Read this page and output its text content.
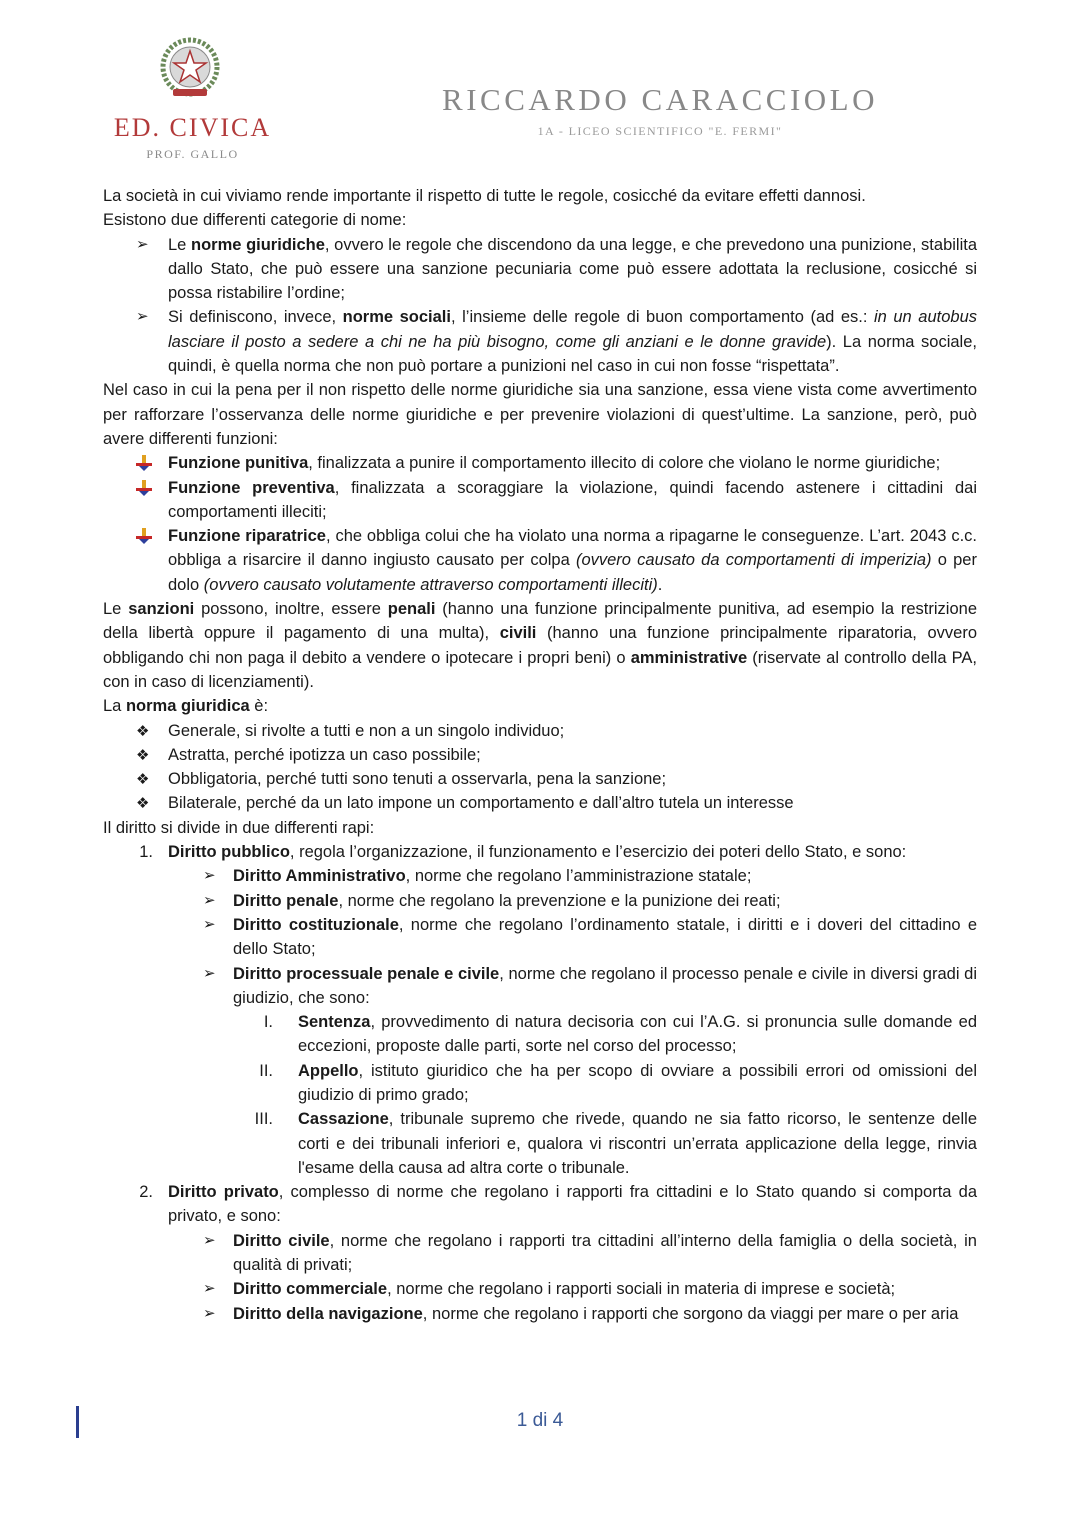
ED. CIVICA
PROF. GALLO
RICCARDO CARACCIOLO
1A - LICEO SCIENTIFICO "E. FERMI"

La società in cui viviamo rende importante il rispetto di tutte le regole, cosicché da evitare effetti dannosi.

Esistono due differenti categorie di nome:

➢ Le norme giuridiche, ovvero le regole che discendono da una legge, e che prevedono una punizione, stabilita dallo Stato, che può essere una sanzione pecuniaria come può essere adottata la reclusione, cosicché si possa ristabilire l’ordine;
➢ Si definiscono, invece, norme sociali, l’insieme delle regole di buon comportamento (ad es.: in un autobus lasciare il posto a sedere a chi ne ha più bisogno, come gli anziani e le donne gravide). La norma sociale, quindi, è quella norma che non può portare a punizioni nel caso in cui non fosse “rispettata”.

Nel caso in cui la pena per il non rispetto delle norme giuridiche sia una sanzione, essa viene vista come avvertimento per rafforzare l’osservanza delle norme giuridiche e per prevenire violazioni di quest’ultime. La sanzione, però, può avere differenti funzioni:

Funzione punitiva, finalizzata a punire il comportamento illecito di colore che violano le norme giuridiche;
Funzione preventiva, finalizzata a scoraggiare la violazione, quindi facendo astenere i cittadini dai comportamenti illeciti;
Funzione riparatrice, che obbliga colui che ha violato una norma a ripagarne le conseguenze. L’art. 2043 c.c. obbliga a risarcire il danno ingiusto causato per colpa (ovvero causato da comportamenti di imperizia) o per dolo (ovvero causato volutamente attraverso comportamenti illeciti).

Le sanzioni possono, inoltre, essere penali (hanno una funzione principalmente punitiva, ad esempio la restrizione della libertà oppure il pagamento di una multa), civili (hanno una funzione principalmente riparatoria, ovvero obbligando chi non paga il debito a vendere o ipotecare i propri beni) o amministrative (riservate al controllo della PA, con in caso di licenziamenti).

La norma giuridica è:

❖ Generale, si rivolte a tutti e non a un singolo individuo;
❖ Astratta, perché ipotizza un caso possibile;
❖ Obbligatoria, perché tutti sono tenuti a osservarla, pena la sanzione;
❖ Bilaterale, perché da un lato impone un comportamento e dall’altro tutela un interesse

Il diritto si divide in due differenti rapi:

1. Diritto pubblico, regola l’organizzazione, il funzionamento e l’esercizio dei poteri dello Stato, e sono:
➢ Diritto Amministrativo, norme che regolano l’amministrazione statale;
➢ Diritto penale, norme che regolano la prevenzione e la punizione dei reati;
➢ Diritto costituzionale, norme che regolano l’ordinamento statale, i diritti e i doveri del cittadino e dello Stato;
➢ Diritto processuale penale e civile, norme che regolano il processo penale e civile in diversi gradi di giudizio, che sono:
I. Sentenza, provvedimento di natura decisoria con cui l’A.G. si pronuncia sulle domande ed eccezioni, proposte dalle parti, sorte nel corso del processo;
II. Appello, istituto giuridico che ha per scopo di ovviare a possibili errori od omissioni del giudizio di primo grado;
III. Cassazione, tribunale supremo che rivede, quando ne sia fatto ricorso, le sentenze delle corti e dei tribunali inferiori e, qualora vi riscontri un’errata applicazione della legge, rinvia l'esame della causa ad altra corte o tribunale.
2. Diritto privato, complesso di norme che regolano i rapporti fra cittadini e lo Stato quando si comporta da privato, e sono:
➢ Diritto civile, norme che regolano i rapporti tra cittadini all’interno della famiglia o della società, in qualità di privati;
➢ Diritto commerciale, norme che regolano i rapporti sociali in materia di imprese e società;
➢ Diritto della navigazione, norme che regolano i rapporti che sorgono da viaggi per mare o per aria
1 di 4
